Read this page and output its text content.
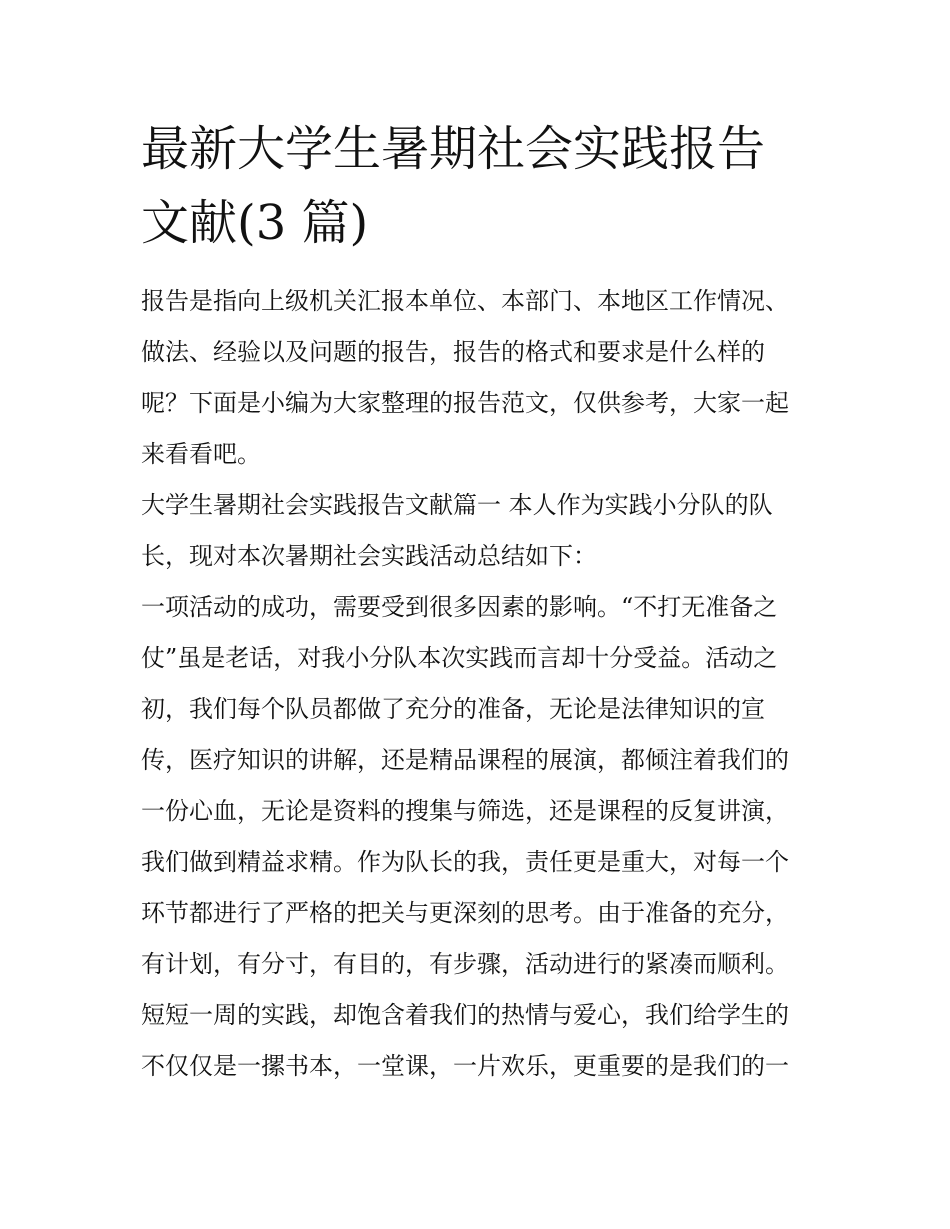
最新大学生暑期社会实践报告
文献(3 篇)
报告是指向上级机关汇报本单位、本部门、本地区工作情况、
做法、经验以及问题的报告，报告的格式和要求是什么样的
呢？下面是小编为大家整理的报告范文，仅供参考，大家一起
来看看吧。
大学生暑期社会实践报告文献篇一 本人作为实践小分队的队
长，现对本次暑期社会实践活动总结如下：
一项活动的成功，需要受到很多因素的影响。“不打无准备之
仗”虽是老话，对我小分队本次实践而言却十分受益。活动之
初，我们每个队员都做了充分的准备，无论是法律知识的宣
传，医疗知识的讲解，还是精品课程的展演，都倾注着我们的
一份心血，无论是资料的搜集与筛选，还是课程的反复讲演，
我们做到精益求精。作为队长的我，责任更是重大，对每一个
环节都进行了严格的把关与更深刻的思考。由于准备的充分，
有计划，有分寸，有目的，有步骤，活动进行的紧凑而顺利。
短短一周的实践，却饱含着我们的热情与爱心，我们给学生的
不仅仅是一摞书本，一堂课，一片欢乐，更重要的是我们的一
